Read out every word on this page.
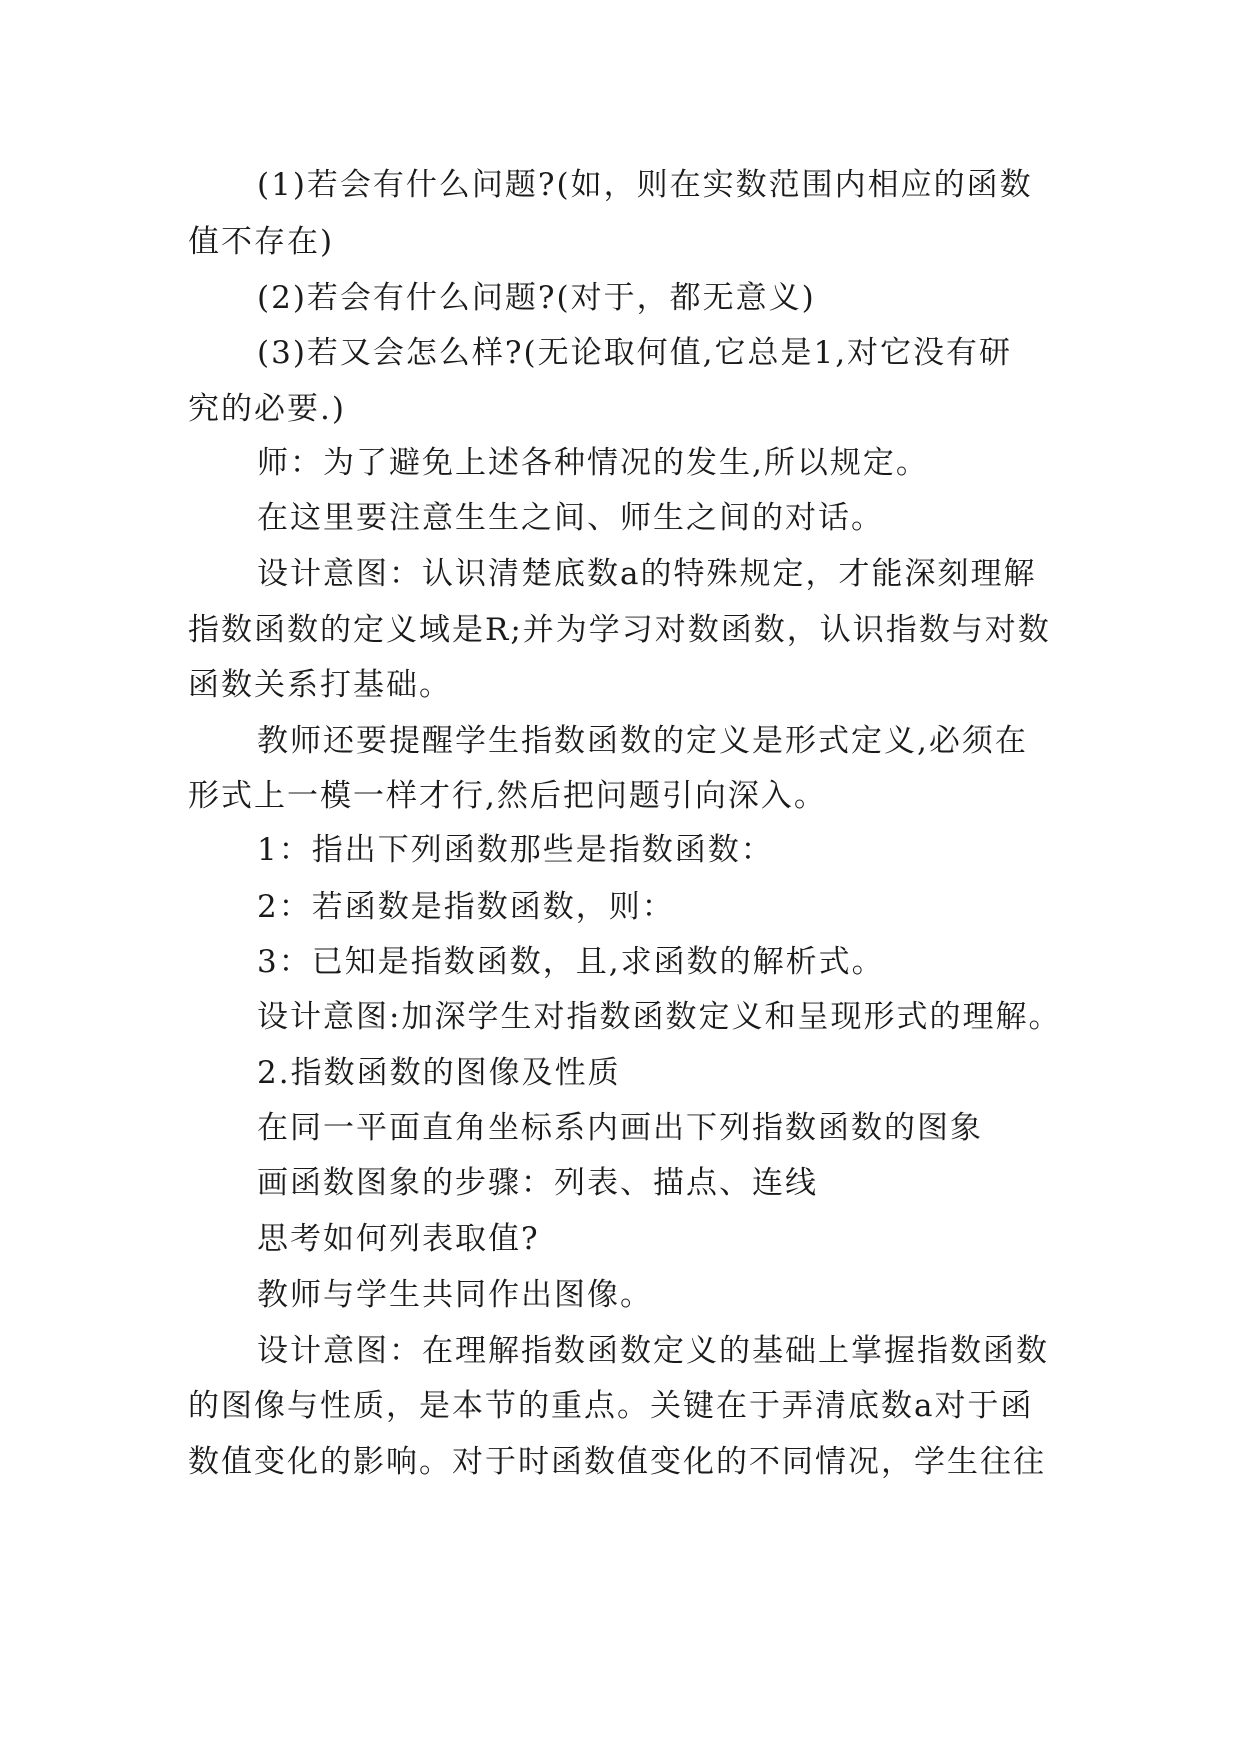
(1)若会有什么问题?(如，则在实数范围内相应的函数
值不存在)
(2)若会有什么问题?(对于，都无意义)
(3)若又会怎么样?(无论取何值,它总是1,对它没有研
究的必要.)
师：为了避免上述各种情况的发生,所以规定。
在这里要注意生生之间、师生之间的对话。
设计意图：认识清楚底数a的特殊规定，才能深刻理解
指数函数的定义域是R;并为学习对数函数，认识指数与对数
函数关系打基础。
教师还要提醒学生指数函数的定义是形式定义,必须在
形式上一模一样才行,然后把问题引向深入。
1：指出下列函数那些是指数函数：
2：若函数是指数函数，则：
3：已知是指数函数，且,求函数的解析式。
设计意图:加深学生对指数函数定义和呈现形式的理解。
2.指数函数的图像及性质
在同一平面直角坐标系内画出下列指数函数的图象
画函数图象的步骤：列表、描点、连线
思考如何列表取值?
教师与学生共同作出图像。
设计意图：在理解指数函数定义的基础上掌握指数函数
的图像与性质，是本节的重点。关键在于弄清底数a对于函
数值变化的影响。对于时函数值变化的不同情况，学生往往
